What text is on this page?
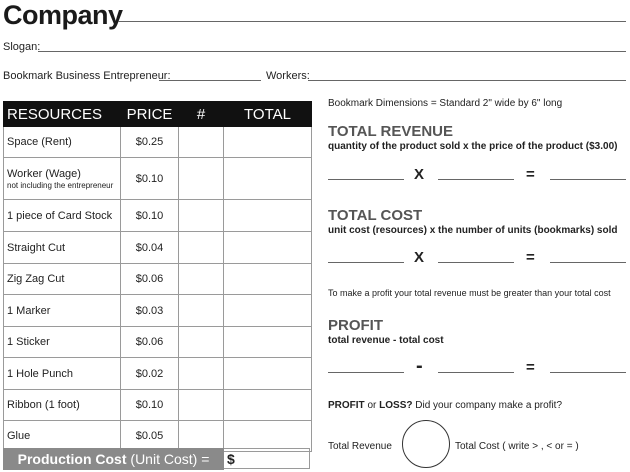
Company
Slogan:
Bookmark Business Entrepreneur:	Workers:
RESOURCES	PRICE	#	TOTAL
Space (Rent)	$0.25		
Worker (Wage)
not including the entrepreneur	$0.10		
1 piece of Card Stock	$0.10		
Straight Cut	$0.04		
Zig Zag Cut	$0.06		
1 Marker	$0.03		
1 Sticker	$0.06		
1 Hole Punch	$0.02		
Ribbon (1 foot)	$0.10		
Glue	$0.05		
Production Cost (Unit Cost) =	$
Bookmark Dimensions = Standard 2" wide by 6" long
TOTAL REVENUE
quantity of the product sold x the price of the product ($3.00)
X	=
TOTAL COST
unit cost (resources) x the number of units (bookmarks) sold
X	=
To make a profit your total revenue must be greater than your total cost
PROFIT
total revenue - total cost
-	=
PROFIT or LOSS? Did your company make a profit?
Total Revenue	Total Cost ( write > , < or = )
